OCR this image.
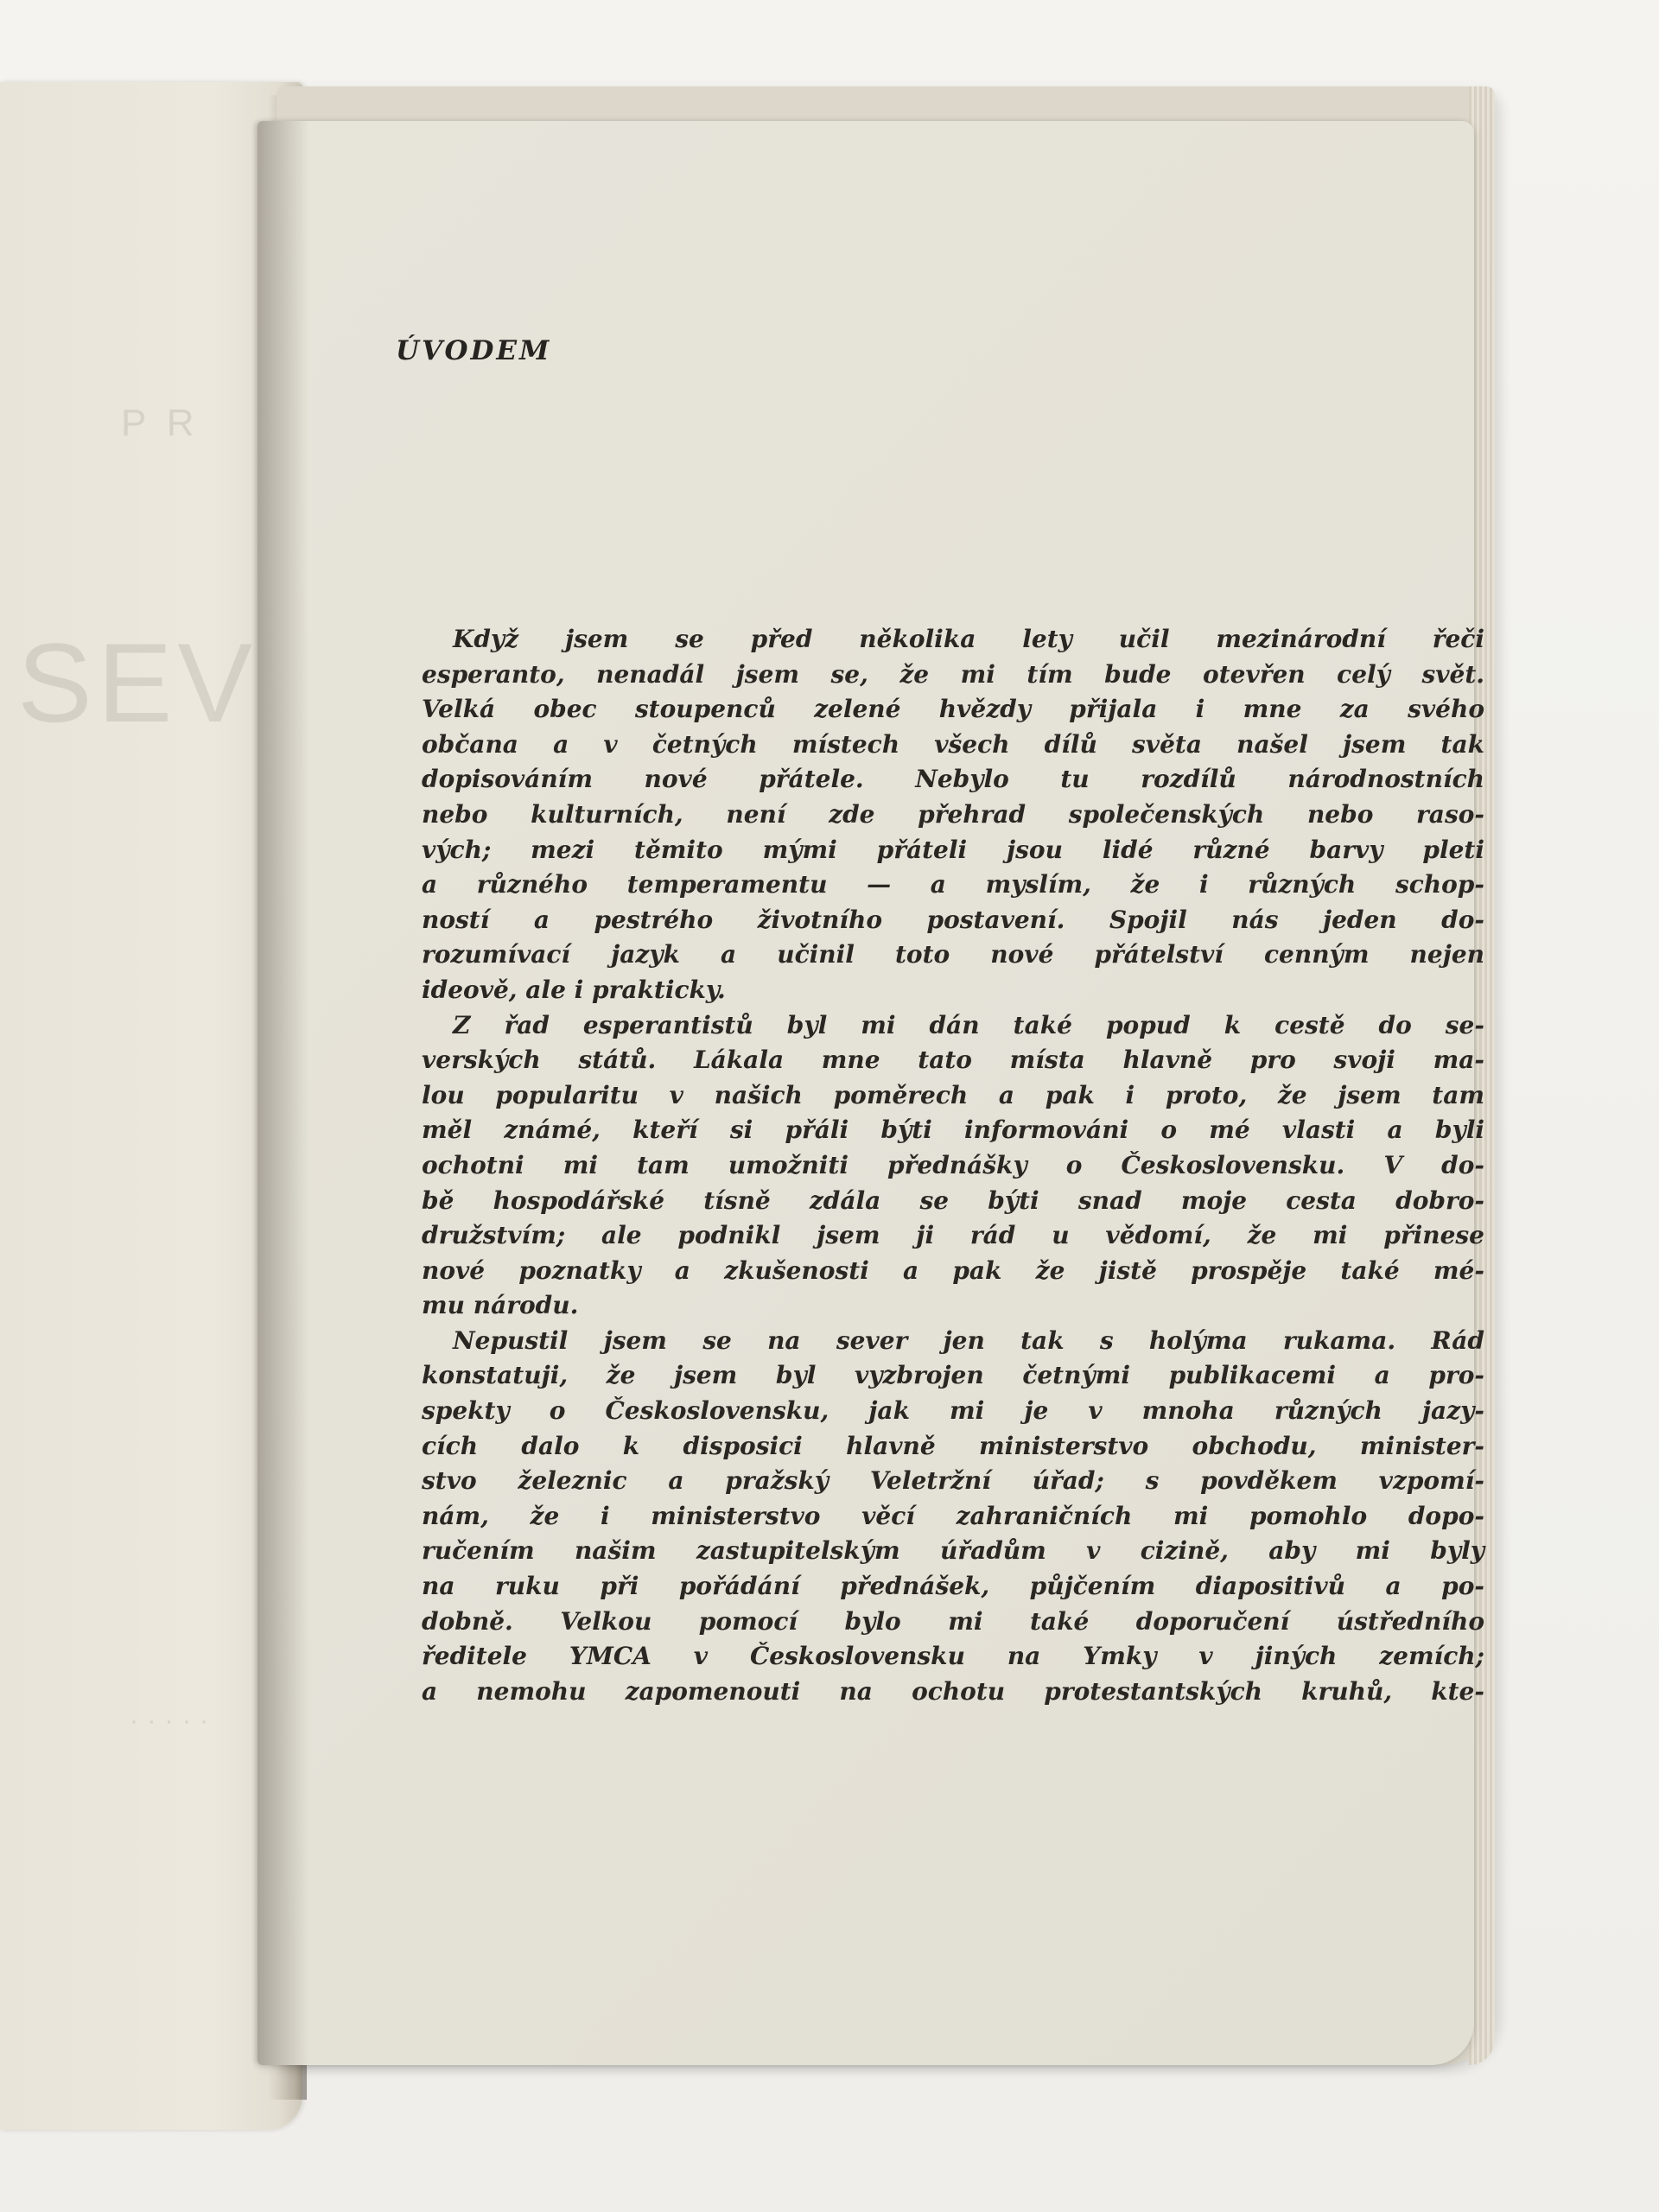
P R
SEV
· · · · ·
ÚVODEM
Když jsem se před několika lety učil mezinárodní řeči
esperanto, nenadál jsem se, že mi tím bude otevřen celý svět.
Velká obec stoupenců zelené hvězdy přijala i mne za svého
občana a v četných místech všech dílů světa našel jsem tak
dopisováním nové přátele. Nebylo tu rozdílů národnostních
nebo kulturních, není zde přehrad společenských nebo raso-
vých; mezi těmito mými přáteli jsou lidé různé barvy pleti
a různého temperamentu — a myslím, že i různých schop-
ností a pestrého životního postavení. Spojil nás jeden do-
rozumívací jazyk a učinil toto nové přátelství cenným nejen
ideově, ale i prakticky.
Z řad esperantistů byl mi dán také popud k cestě do se-
verských států. Lákala mne tato místa hlavně pro svoji ma-
lou popularitu v našich poměrech a pak i proto, že jsem tam
měl známé, kteří si přáli býti informováni o mé vlasti a byli
ochotni mi tam umožniti přednášky o Československu. V do-
bě hospodářské tísně zdála se býti snad moje cesta dobro-
družstvím; ale podnikl jsem ji rád u vědomí, že mi přinese
nové poznatky a zkušenosti a pak že jistě prospěje také mé-
mu národu.
Nepustil jsem se na sever jen tak s holýma rukama. Rád
konstatuji, že jsem byl vyzbrojen četnými publikacemi a pro-
spekty o Československu, jak mi je v mnoha různých jazy-
cích dalo k disposici hlavně ministerstvo obchodu, minister-
stvo železnic a pražský Veletržní úřad; s povděkem vzpomí-
nám, že i ministerstvo věcí zahraničních mi pomohlo dopo-
ručením našim zastupitelským úřadům v cizině, aby mi byly
na ruku při pořádání přednášek, půjčením diapositivů a po-
dobně. Velkou pomocí bylo mi také doporučení ústředního
ředitele YMCA v Československu na Ymky v jiných zemích;
a nemohu zapomenouti na ochotu protestantských kruhů, kte-
